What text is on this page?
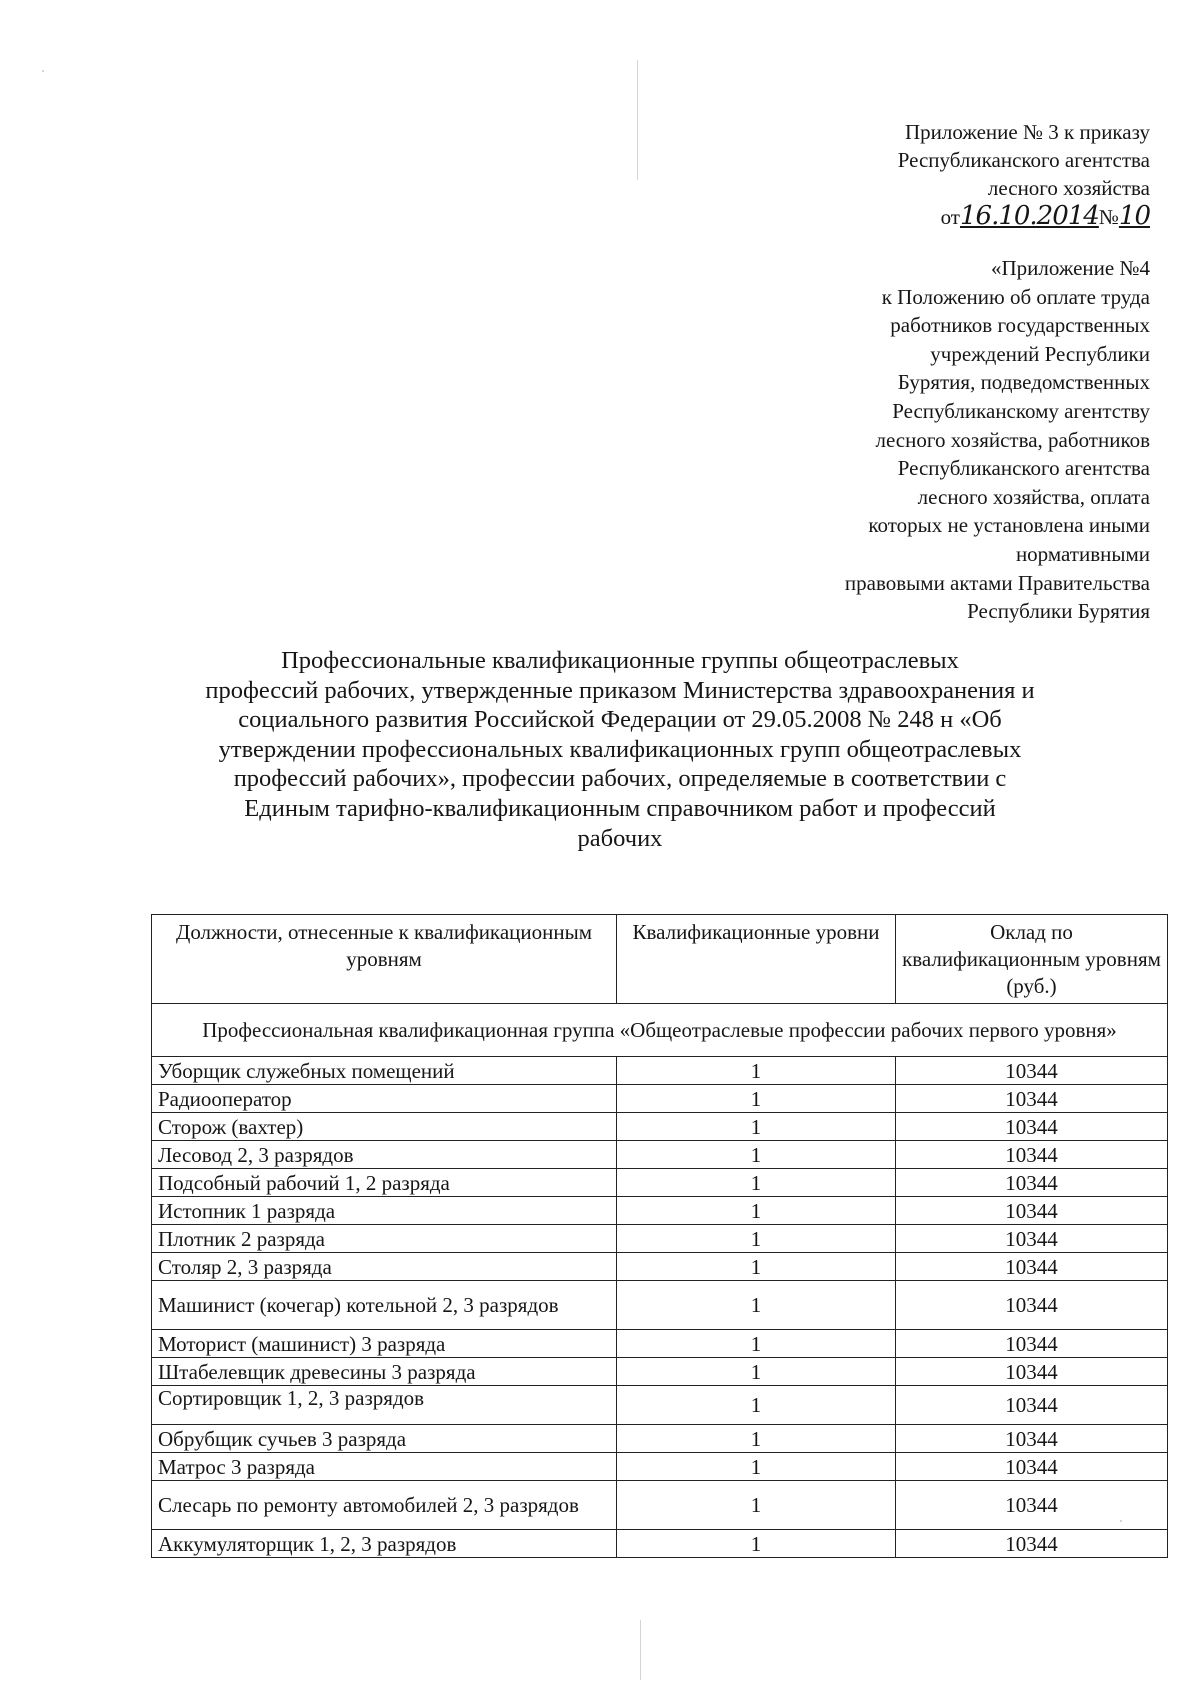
Приложение № 3 к приказу
Республиканского агентства
лесного хозяйства
от16.10.2014№10
«Приложение №4
к Положению об оплате труда
работников государственных
учреждений Республики
Бурятия, подведомственных
Республиканскому агентству
лесного хозяйства, работников
Республиканского агентства
лесного хозяйства, оплата
которых не установлена иными
нормативными
правовыми актами Правительства
Республики Бурятия
Профессиональные квалификационные группы общеотраслевых
профессий рабочих, утвержденные приказом Министерства здравоохранения и
социального развития Российской Федерации от 29.05.2008 № 248 н «Об
утверждении профессиональных квалификационных групп общеотраслевых
профессий рабочих», профессии рабочих, определяемые в соответствии с
Единым тарифно-квалификационным справочником работ и профессий
рабочих
Должности, отнесенные к квалификационным уровням	Квалификационные уровни	Оклад по квалификационным уровням (руб.)
Профессиональная квалификационная группа «Общеотраслевые профессии рабочих первого уровня»		
Уборщик служебных помещений	1	10344
Радиооператор	1	10344
Сторож (вахтер)	1	10344
Лесовод 2, 3 разрядов	1	10344
Подсобный рабочий 1, 2 разряда	1	10344
Истопник 1 разряда	1	10344
Плотник 2 разряда	1	10344
Столяр 2, 3 разряда	1	10344
Машинист (кочегар) котельной 2, 3 разрядов	1	10344
Моторист (машинист) 3 разряда	1	10344
Штабелевщик древесины 3 разряда	1	10344
Сортировщик 1, 2, 3 разрядов	1	10344
Обрубщик сучьев 3 разряда	1	10344
Матрос 3 разряда	1	10344
Слесарь по ремонту автомобилей 2, 3 разрядов	1	10344
Аккумуляторщик 1, 2, 3 разрядов	1	10344
